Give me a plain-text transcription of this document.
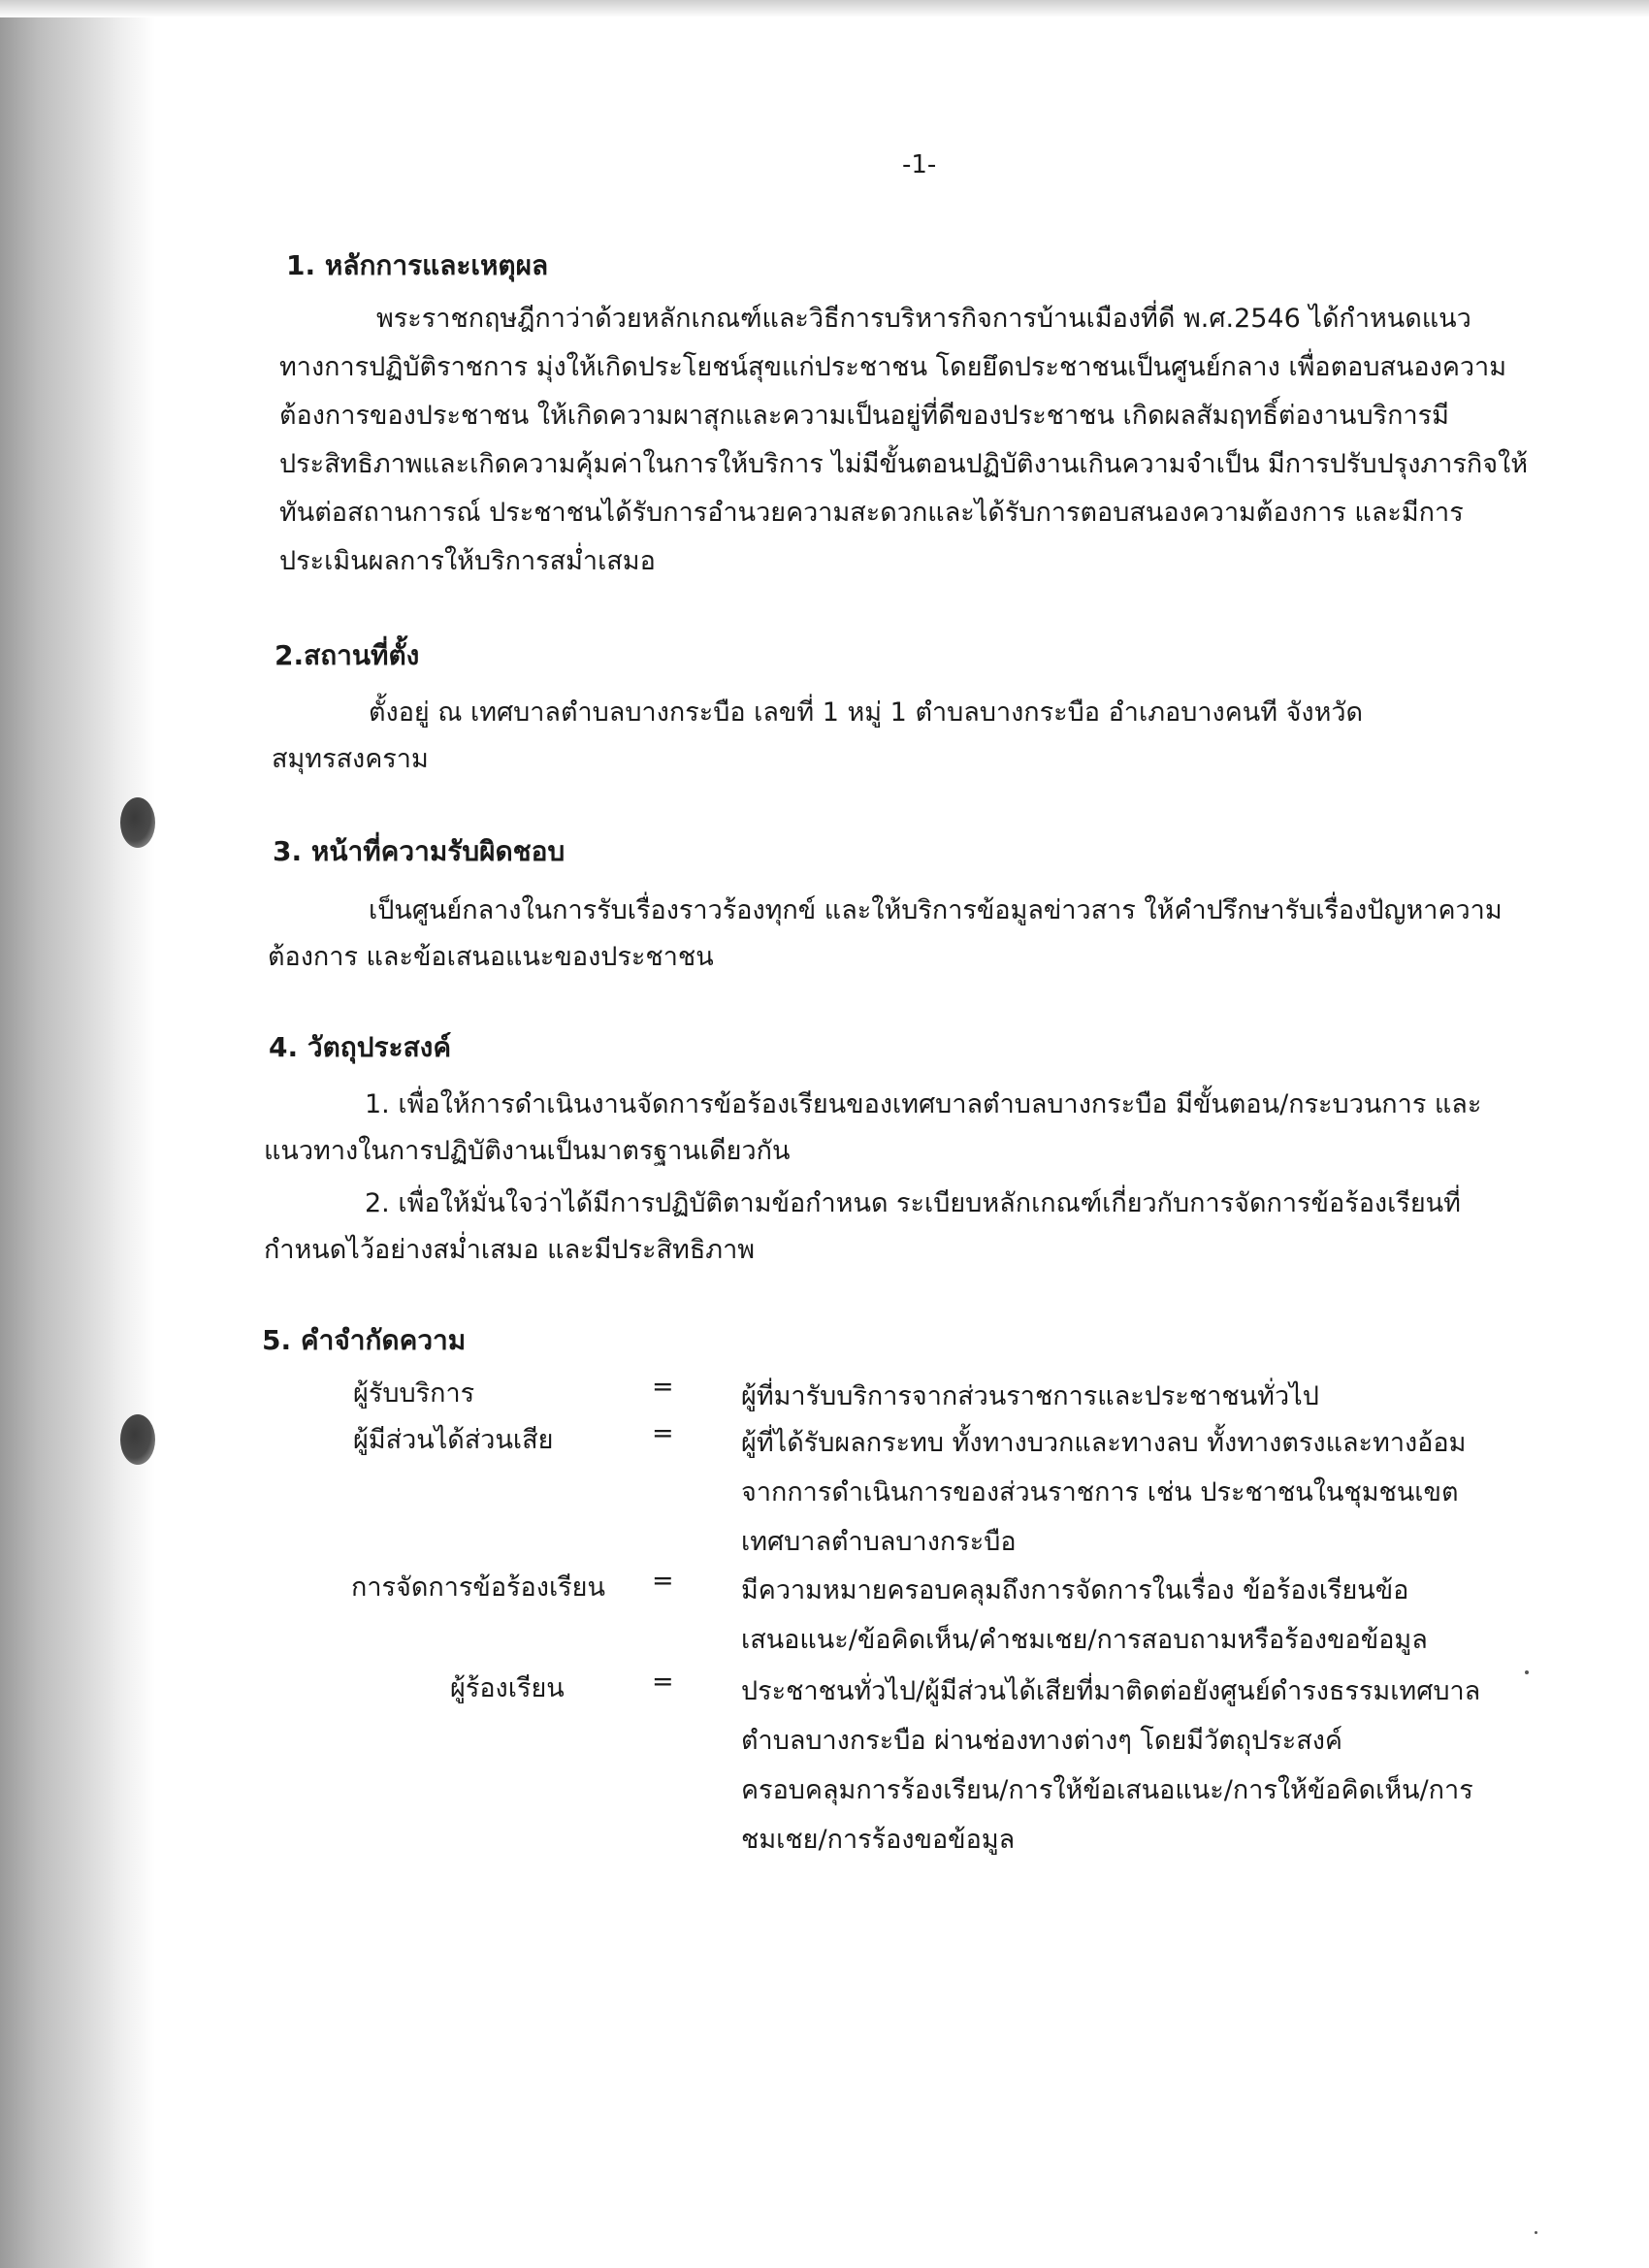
-1-
1. หลักการและเหตุผล
พระราชกฤษฎีกาว่าด้วยหลักเกณฑ์และวิธีการบริหารกิจการบ้านเมืองที่ดี พ.ศ.2546 ได้กำหนดแนว
ทางการปฏิบัติราชการ มุ่งให้เกิดประโยชน์สุขแก่ประชาชน โดยยึดประชาชนเป็นศูนย์กลาง เพื่อตอบสนองความ
ต้องการของประชาชน ให้เกิดความผาสุกและความเป็นอยู่ที่ดีของประชาชน เกิดผลสัมฤทธิ์ต่องานบริการมี
ประสิทธิภาพและเกิดความคุ้มค่าในการให้บริการ ไม่มีขั้นตอนปฏิบัติงานเกินความจำเป็น มีการปรับปรุงภารกิจให้
ทันต่อสถานการณ์ ประชาชนได้รับการอำนวยความสะดวกและได้รับการตอบสนองความต้องการ และมีการ
ประเมินผลการให้บริการสม่ำเสมอ
2.สถานที่ตั้ง
ตั้งอยู่ ณ เทศบาลตำบลบางกระบือ เลขที่ 1 หมู่ 1 ตำบลบางกระบือ อำเภอบางคนที จังหวัด
สมุทรสงคราม
3. หน้าที่ความรับผิดชอบ
เป็นศูนย์กลางในการรับเรื่องราวร้องทุกข์ และให้บริการข้อมูลข่าวสาร ให้คำปรึกษารับเรื่องปัญหาความ
ต้องการ และข้อเสนอแนะของประชาชน
4. วัตถุประสงค์
1. เพื่อให้การดำเนินงานจัดการข้อร้องเรียนของเทศบาลตำบลบางกระบือ มีขั้นตอน/กระบวนการ และ
แนวทางในการปฏิบัติงานเป็นมาตรฐานเดียวกัน
2. เพื่อให้มั่นใจว่าได้มีการปฏิบัติตามข้อกำหนด ระเบียบหลักเกณฑ์เกี่ยวกับการจัดการข้อร้องเรียนที่
กำหนดไว้อย่างสม่ำเสมอ และมีประสิทธิภาพ
5. คำจำกัดความ
ผู้รับบริการ	=	ผู้ที่มารับบริการจากส่วนราชการและประชาชนทั่วไป
ผู้มีส่วนได้ส่วนเสีย	=	ผู้ที่ได้รับผลกระทบ ทั้งทางบวกและทางลบ ทั้งทางตรงและทางอ้อม
จากการดำเนินการของส่วนราชการ เช่น ประชาชนในชุมชนเขต
เทศบาลตำบลบางกระบือ
การจัดการข้อร้องเรียน =	มีความหมายครอบคลุมถึงการจัดการในเรื่อง ข้อร้องเรียนข้อ
เสนอแนะ/ข้อคิดเห็น/คำชมเชย/การสอบถามหรือร้องขอข้อมูล
ผู้ร้องเรียน	=	ประชาชนทั่วไป/ผู้มีส่วนได้เสียที่มาติดต่อยังศูนย์ดำรงธรรมเทศบาล
ตำบลบางกระบือ ผ่านช่องทางต่างๆ โดยมีวัตถุประสงค์
ครอบคลุมการร้องเรียน/การให้ข้อเสนอแนะ/การให้ข้อคิดเห็น/การ
ชมเชย/การร้องขอข้อมูล
